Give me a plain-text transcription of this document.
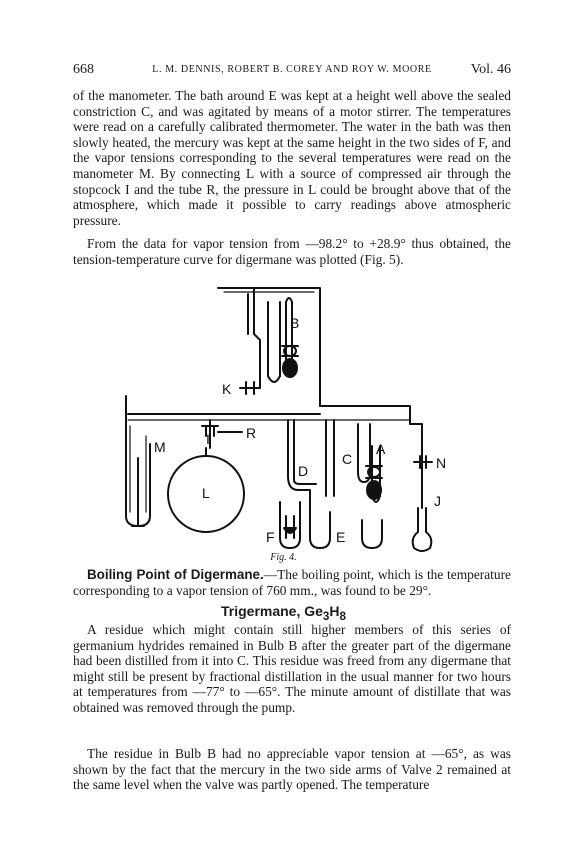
668	L. M. DENNIS, ROBERT B. COREY AND ROY W. MOORE	Vol. 46

of the manometer. The bath around E was kept at a height well above the sealed constriction C, and was agitated by means of a motor stirrer. The temperatures were read on a carefully calibrated thermometer. The water in the bath was then slowly heated, the mercury was kept at the same height in the two sides of F, and the vapor tensions corresponding to the several temperatures were read on the manometer M. By connecting L with a source of compressed air through the stopcock I and the tube R, the pressure in L could be brought above that of the atmosphere, which made it possible to carry readings above atmospheric pressure.

From the data for vapor tension from —98.2° to +28.9° thus obtained, the tension-temperature curve for digermane was plotted (Fig. 5).

B
K
R
M	I
L
D
C
A
N
J
F	E
Fig. 4.

Boiling Point of Digermane.—The boiling point, which is the temperature corresponding to a vapor tension of 760 mm., was found to be 29°.

Trigermane, $Ge_3H_8$

A residue which might contain still higher members of this series of germanium hydrides remained in Bulb B after the greater part of the digermane had been distilled from it into C. This residue was freed from any digermane that might still be present by fractional distillation in the usual manner for two hours at temperatures from —77° to —65°. The minute amount of distillate that was obtained was removed through the pump.

The residue in Bulb B had no appreciable vapor tension at —65°, as was shown by the fact that the mercury in the two side arms of Valve 2 remained at the same level when the valve was partly opened. The temperature
